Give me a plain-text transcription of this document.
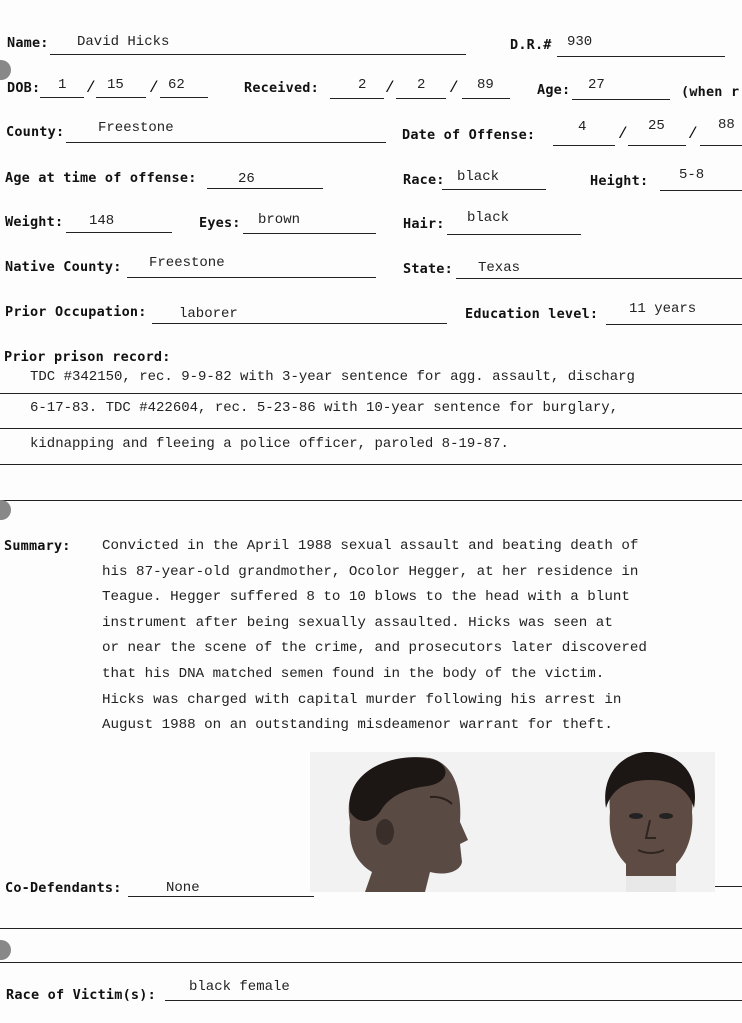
Name: David Hicks	D.R.# 930
DOB: 1 / 15 / 62	Received:	2 / 2 / 89	Age: 27	(when r
County: Freestone	Date of Offense:	4 / 25 / 88
Age at time of offense:	26	Race: black	Height: 5-8
Weight: 148	Eyes: brown	Hair: black
Native County: Freestone	State: Texas
Prior Occupation: laborer	Education level: 11 years
Prior prison record:
TDC #342150, rec. 9-9-82 with 3-year sentence for agg. assault, discharg
6-17-83. TDC #422604, rec. 5-23-86 with 10-year sentence for burglary,
kidnapping and fleeing a police officer, paroled 8-19-87.
Summary: Convicted in the April 1988 sexual assault and beating death of
his 87-year-old grandmother, Ocolor Hegger, at her residence in
Teague. Hegger suffered 8 to 10 blows to the head with a blunt
instrument after being sexually assaulted. Hicks was seen at
or near the scene of the crime, and prosecutors later discovered
that his DNA matched semen found in the body of the victim.
Hicks was charged with capital murder following his arrest in
August 1988 on an outstanding misdeamenor warrant for theft.
Co-Defendants:	None
Race of Victim(s): black female
